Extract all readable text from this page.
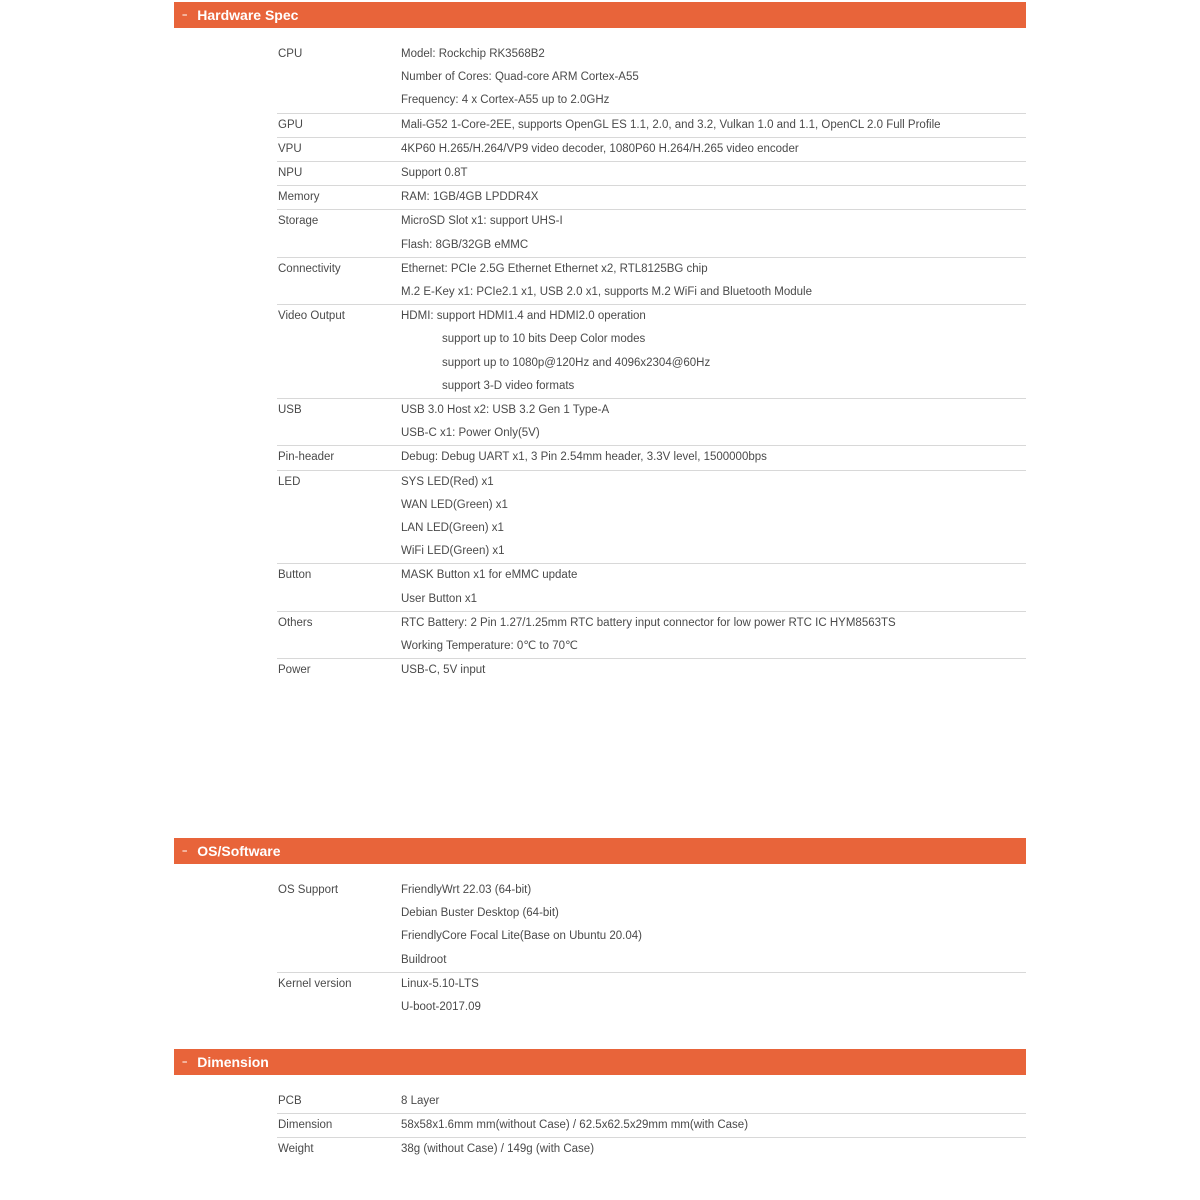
− Hardware Spec
CPU	Model: Rockchip RK3568B2
Number of Cores: Quad-core ARM Cortex-A55
Frequency: 4 x Cortex-A55 up to 2.0GHz
GPU	Mali-G52 1-Core-2EE, supports OpenGL ES 1.1, 2.0, and 3.2, Vulkan 1.0 and 1.1, OpenCL 2.0 Full Profile
VPU	4KP60 H.265/H.264/VP9 video decoder, 1080P60 H.264/H.265 video encoder
NPU	Support 0.8T
Memory	RAM: 1GB/4GB LPDDR4X
Storage	MicroSD Slot x1: support UHS-I
Flash: 8GB/32GB eMMC
Connectivity	Ethernet: PCIe 2.5G Ethernet Ethernet x2, RTL8125BG chip
M.2 E-Key x1: PCIe2.1 x1, USB 2.0 x1, supports M.2 WiFi and Bluetooth Module
Video Output	HDMI: support HDMI1.4 and HDMI2.0 operation
support up to 10 bits Deep Color modes
support up to 1080p@120Hz and 4096x2304@60Hz
support 3-D video formats
USB	USB 3.0 Host x2: USB 3.2 Gen 1 Type-A
USB-C x1: Power Only(5V)
Pin-header	Debug: Debug UART x1, 3 Pin 2.54mm header, 3.3V level, 1500000bps
LED	SYS LED(Red) x1
WAN LED(Green) x1
LAN LED(Green) x1
WiFi LED(Green) x1
Button	MASK Button x1 for eMMC update
User Button x1
Others	RTC Battery: 2 Pin 1.27/1.25mm RTC battery input connector for low power RTC IC HYM8563TS
Working Temperature: 0℃ to 70℃
Power	USB-C, 5V input
− OS/Software
OS Support	FriendlyWrt 22.03 (64-bit)
Debian Buster Desktop (64-bit)
FriendlyCore Focal Lite(Base on Ubuntu 20.04)
Buildroot
Kernel version	Linux-5.10-LTS
U-boot-2017.09
− Dimension
PCB	8 Layer
Dimension	58x58x1.6mm mm(without Case) / 62.5x62.5x29mm mm(with Case)
Weight	38g (without Case) / 149g (with Case)
